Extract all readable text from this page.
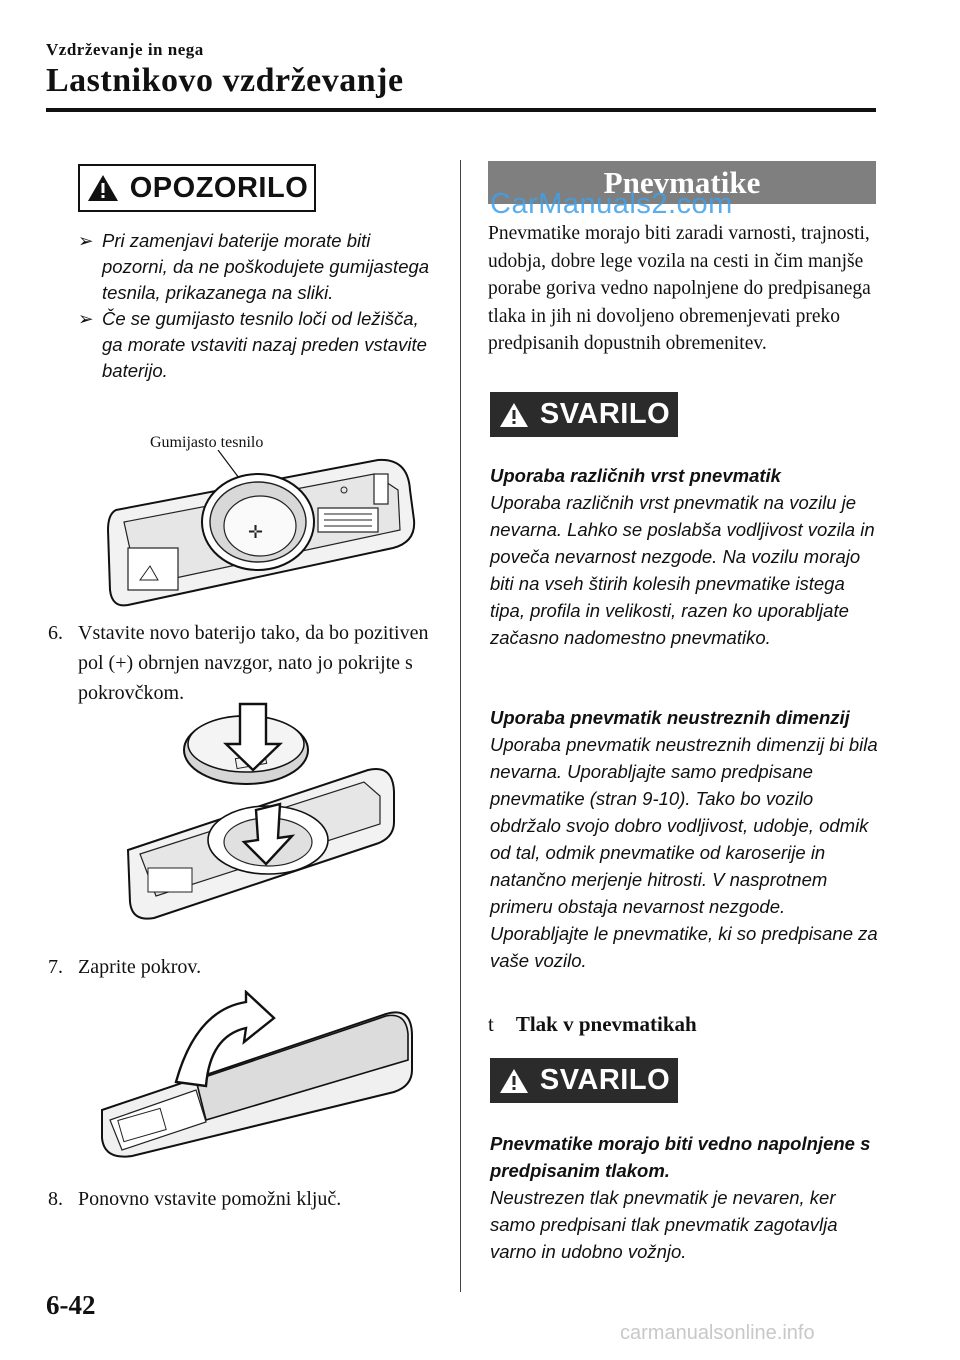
Vzdrževanje in nega
Lastnikovo vzdrževanje
OPOZORILO
➢ Pri zamenjavi baterije morate biti pozorni, da ne poškodujete gumijastega tesnila, prikazanega na sliki.
➢ Če se gumijasto tesnilo loči od ležišča, ga morate vstaviti nazaj preden vstavite baterijo.
Gumijasto tesnilo
✛
6. Vstavite novo baterijo tako, da bo pozitiven pol (+) obrnjen navzgor, nato jo pokrijte s pokrovčkom.
7. Zaprite pokrov.
8. Ponovno vstavite pomožni ključ.
Pnevmatike
CarManuals2.com
Pnevmatike morajo biti zaradi varnosti, trajnosti, udobja, dobre lege vozila na cesti in čim manjše porabe goriva vedno napolnjene do predpisanega tlaka in jih ni dovoljeno obremenjevati preko predpisanih dopustnih obremenitev.
SVARILO
Uporaba različnih vrst pnevmatik
Uporaba različnih vrst pnevmatik na vozilu je nevarna. Lahko se poslabša vodljivost vozila in poveča nevarnost nezgode. Na vozilu morajo biti na vseh štirih kolesih pnevmatike istega tipa, profila in velikosti, razen ko uporabljate začasno nadomestno pnevmatiko.
Uporaba pnevmatik neustreznih dimenzij
Uporaba pnevmatik neustreznih dimenzij bi bila nevarna. Uporabljajte samo predpisane pnevmatike (stran 9-10). Tako bo vozilo obdržalo svojo dobro vodljivost, udobje, odmik od tal, odmik pnevmatike od karoserije in natančno merjenje hitrosti. V nasprotnem primeru obstaja nevarnost nezgode. Uporabljajte le pnevmatike, ki so predpisane za vaše vozilo.
t Tlak v pnevmatikah
SVARILO
Pnevmatike morajo biti vedno napolnjene s predpisanim tlakom.
Neustrezen tlak pnevmatik je nevaren, ker samo predpisani tlak pnevmatik zagotavlja varno in udobno vožnjo.
6-42
carmanualsonline.info
